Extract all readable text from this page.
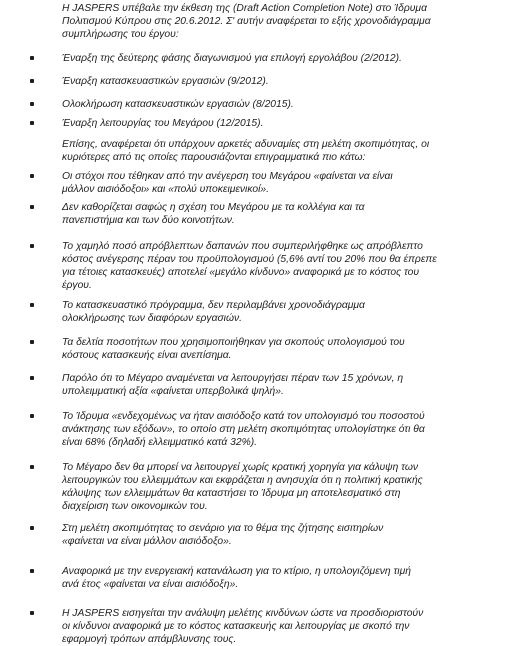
Η JASPERS υπέβαλε την έκθεση της (Draft Action Completion Note) στο Ίδρυμα
Πολιτισμού Κύπρου στις 20.6.2012. Σ' αυτήν αναφέρεται το εξής χρονοδιάγραμμα
συμπλήρωσης του έργου:
Έναρξη της δεύτερης φάσης διαγωνισμού για επιλογή εργολάβου (2/2012).
Έναρξη κατασκευαστικών εργασιών (9/2012).
Ολοκλήρωση κατασκευαστικών εργασιών (8/2015).
Έναρξη λειτουργίας του Μεγάρου (12/2015).
Επίσης, αναφέρεται ότι υπάρχουν αρκετές αδυναμίες στη μελέτη σκοπιμότητας, οι
κυριότερες από τις οποίες παρουσιάζονται επιγραμματικά πιο κάτω:
Οι στόχοι που τέθηκαν από την ανέγερση του Μεγάρου «φαίνεται να είναι
μάλλον αισιόδοξοι» και «πολύ υποκειμενικοί».
Δεν καθορίζεται σαφώς η σχέση του Μεγάρου με τα κολλέγια και τα
πανεπιστήμια και των δύο κοινοτήτων.
Το χαμηλό ποσό απρόβλεπτων δαπανών που συμπεριλήφθηκε ως απρόβλεπτο
κόστος ανέγερσης πέραν του προϋπολογισμού (5,6% αντί του 20% που θα έπρεπε
για τέτοιες κατασκευές) αποτελεί «μεγάλο κίνδυνο» αναφορικά με το κόστος του
έργου.
Το κατασκευαστικό πρόγραμμα, δεν περιλαμβάνει χρονοδιάγραμμα
ολοκλήρωσης των διαφόρων εργασιών.
Τα δελτία ποσοτήτων που χρησιμοποιήθηκαν για σκοπούς υπολογισμού του
κόστους κατασκευής είναι ανεπίσημα.
Παρόλο ότι το Μέγαρο αναμένεται να λειτουργήσει πέραν των 15 χρόνων, η
υπολειμματική αξία «φαίνεται υπερβολικά ψηλή».
Το Ίδρυμα «ενδεχομένως να ήταν αισιόδοξο κατά τον υπολογισμό του ποσοστού
ανάκτησης των εξόδων», το οποίο στη μελέτη σκοπιμότητας υπολογίστηκε ότι θα
είναι 68% (δηλαδή ελλειμματικό κατά 32%).
Το Μέγαρο δεν θα μπορεί να λειτουργεί χωρίς κρατική χορηγία για κάλυψη των
λειτουργικών του ελλειμμάτων και εκφράζεται η ανησυχία ότι η πολιτική κρατικής
κάλυψης των ελλειμμάτων θα καταστήσει το Ίδρυμα μη αποτελεσματικό στη
διαχείριση των οικονομικών του.
Στη μελέτη σκοπιμότητας το σενάριο για το θέμα της ζήτησης εισιτηρίων
«φαίνεται να είναι μάλλον αισιόδοξο».
Αναφορικά με την ενεργειακή κατανάλωση για το κτίριο, η υπολογιζόμενη τιμή
ανά έτος «φαίνεται να είναι αισιόδοξη».
Η JASPERS εισηγείται την ανάλυψη μελέτης κινδύνων ώστε να προσδιοριστούν
οι κίνδυνοι αναφορικά με το κόστος κατασκευής και λειτουργίας με σκοπό την
εφαρμογή τρόπων απάμβλυνσης τους.
